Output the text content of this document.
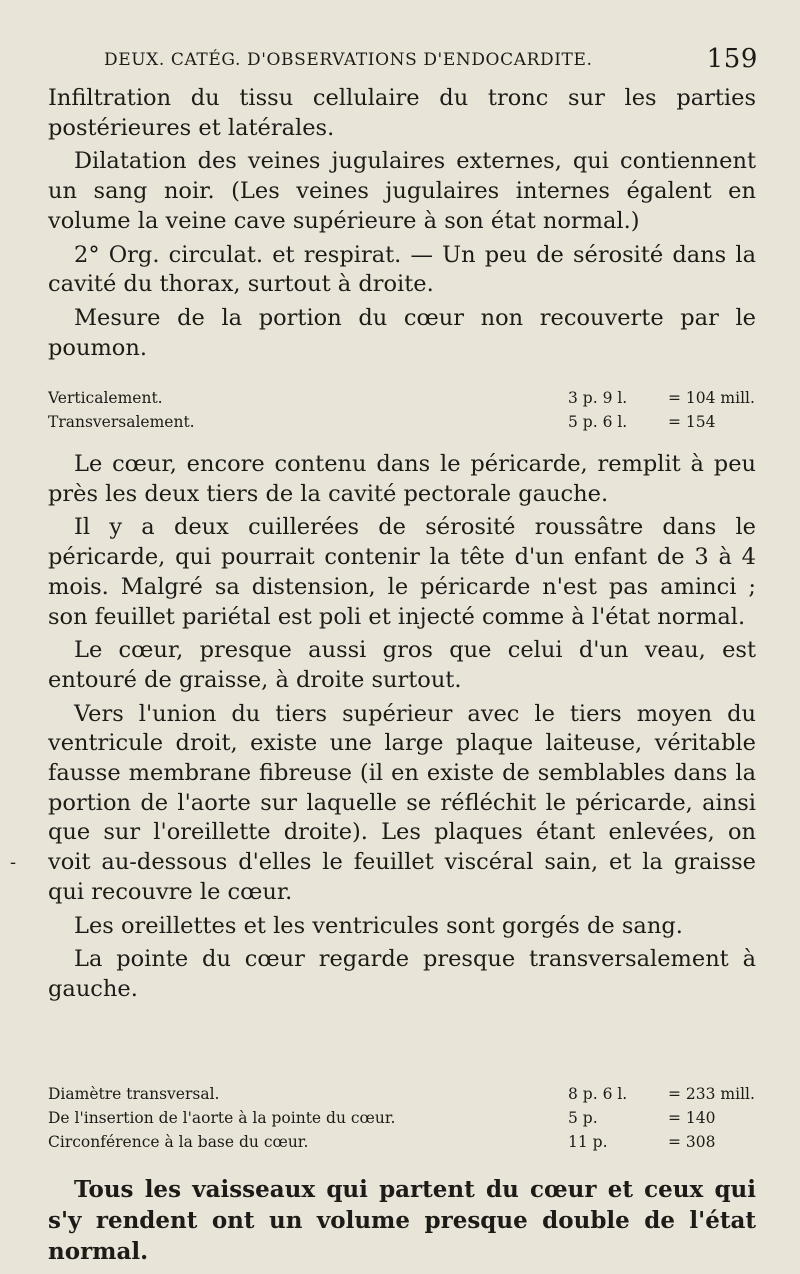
DEUX. CATÉG. D'OBSERVATIONS D'ENDOCARDITE.	159

Infiltration du tissu cellulaire du tronc sur les parties postérieures et latérales.

Dilatation des veines jugulaires externes, qui contiennent un sang noir. (Les veines jugulaires internes égalent en volume la veine cave supérieure à son état normal.)

2° Org. circulat. et respirat. — Un peu de sérosité dans la cavité du thorax, surtout à droite.

Mesure de la portion du cœur non recouverte par le poumon.

Verticalement.	3 p. 9 l.	= 104 mill.
Transversalement.	5 p. 6 l.	= 154

Le cœur, encore contenu dans le péricarde, remplit à peu près les deux tiers de la cavité pectorale gauche.

Il y a deux cuillerées de sérosité roussâtre dans le péricarde, qui pourrait contenir la tête d'un enfant de 3 à 4 mois. Malgré sa distension, le péricarde n'est pas aminci ; son feuillet pariétal est poli et injecté comme à l'état normal.

Le cœur, presque aussi gros que celui d'un veau, est entouré de graisse, à droite surtout.

Vers l'union du tiers supérieur avec le tiers moyen du ventricule droit, existe une large plaque laiteuse, véritable fausse membrane fibreuse (il en existe de semblables dans la portion de l'aorte sur laquelle se réfléchit le péricarde, ainsi que sur l'oreillette droite). Les plaques étant enlevées, on voit au-dessous d'elles le feuillet viscéral sain, et la graisse qui recouvre le cœur.

Les oreillettes et les ventricules sont gorgés de sang.

La pointe du cœur regarde presque transversalement à gauche.

Diamètre transversal.	8 p. 6 l.	= 233 mill.
De l'insertion de l'aorte à la pointe du cœur.	5 p.	= 140
Circonférence à la base du cœur.	11 p.	= 308
Tous les vaisseaux qui partent du cœur et ceux qui s'y rendent ont un volume presque double de l'état normal.
-
